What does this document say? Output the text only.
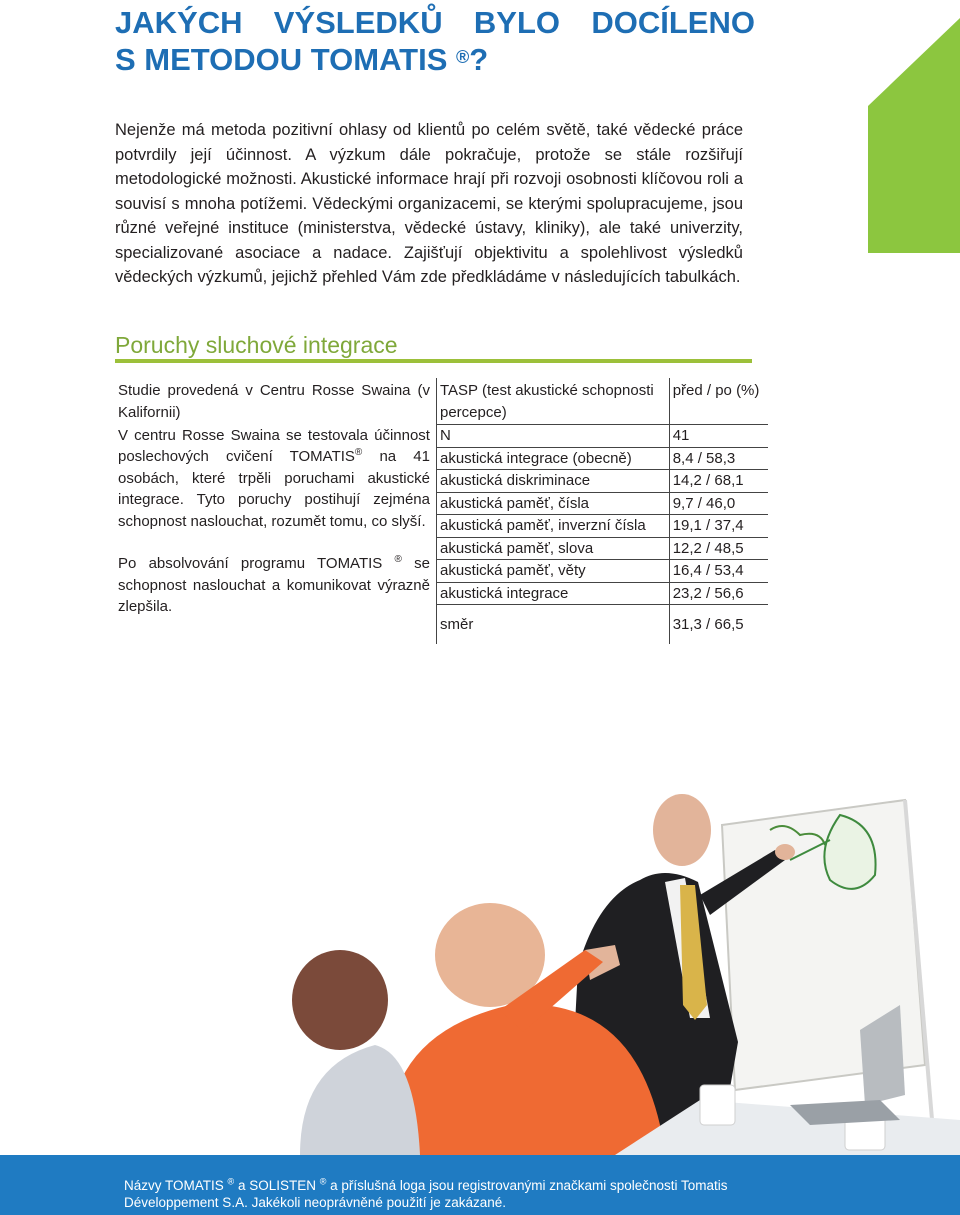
JAKÝCH VÝSLEDKŮ BYLO DOCÍLENO
S METODOU TOMATIS ®?

Nejenže má metoda pozitivní ohlasy od klientů po celém světě, také vědecké práce potvrdily její účinnost. A výzkum dále pokračuje, protože se stále rozšiřují metodologické možnosti. Akustické informace hrají při rozvoji osobnosti klíčovou roli a souvisí s mnoha potížemi. Vědeckými organizacemi, se kterými spolupracujeme, jsou různé veřejné instituce (ministerstva, vědecké ústavy, kliniky), ale také univerzity, specializované asociace a nadace. Zajišťují objektivitu a spolehlivost výsledků vědeckých výzkumů, jejichž přehled Vám zde předkládáme v následujících tabulkách.

Poruchy sluchové integrace
Studie provedená v Centru Rosse Swaina (v Kalifornii)	TASP (test akustické schopnosti percepce)	před / po (%)

V centru Rosse Swaina se testovala účinnost poslechových cvičení TOMATIS® na 41 osobách, které trpěli poruchami akustické integrace. Tyto poruchy postihují zejména schopnost naslouchat, rozumět tomu, co slyší.

Po absolvování programu TOMATIS ® se schopnost naslouchat a komunikovat výrazně zlepšila.	N	41
	akustická integrace (obecně)	8,4 / 58,3
	akustická diskriminace	14,2 / 68,1
	akustická paměť, čísla	9,7 / 46,0
	akustická paměť, inverzní čísla	19,1 / 37,4
	akustická paměť, slova	12,2 / 48,5
	akustická paměť, věty	16,4 / 53,4
	akustická integrace	23,2 / 56,6
	směr	31,3 / 66,5

Názvy TOMATIS ® a SOLISTEN ® a příslušná loga jsou registrovanými značkami společnosti Tomatis Développement S.A. Jakékoli neoprávněné použití je zakázané.
